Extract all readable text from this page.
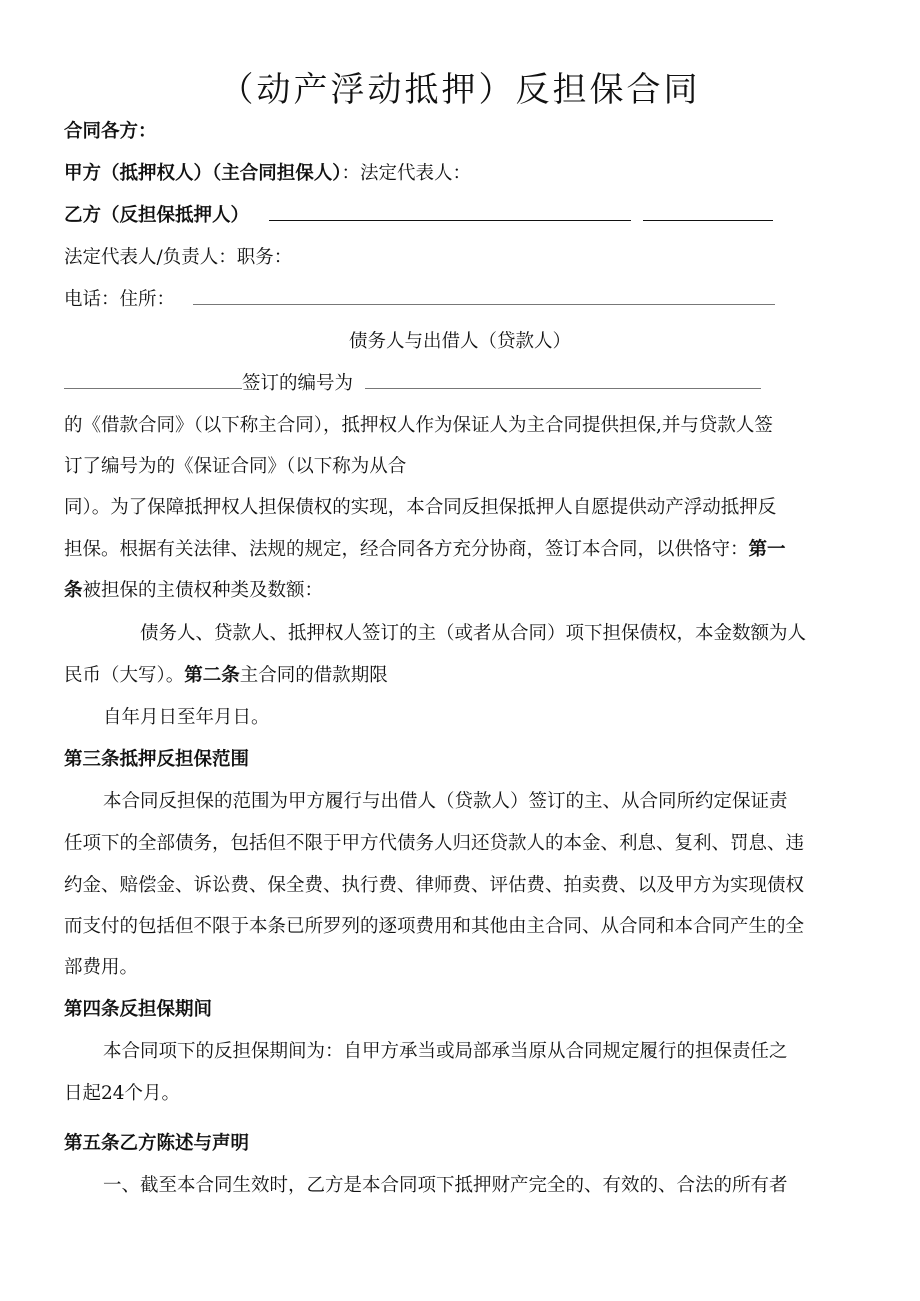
（动产浮动抵押）反担保合同
合同各方：
甲方（抵押权人）（主合同担保人）：法定代表人：
乙方（反担保抵押人）
法定代表人/负责人：职务：
电话：住所：
债务人与出借人（贷款人）
签订的编号为
的《借款合同》（以下称主合同），抵押权人作为保证人为主合同提供担保,并与贷款人签
订了编号为的《保证合同》（以下称为从合
同）。为了保障抵押权人担保债权的实现，本合同反担保抵押人自愿提供动产浮动抵押反
担保。根据有关法律、法规的规定，经合同各方充分协商，签订本合同，以供恪守：第一
条被担保的主债权种类及数额：
债务人、贷款人、抵押权人签订的主（或者从合同）项下担保债权，本金数额为人
民币（大写）。第二条主合同的借款期限
自年月日至年月日。
第三条抵押反担保范围
本合同反担保的范围为甲方履行与出借人（贷款人）签订的主、从合同所约定保证责
任项下的全部债务，包括但不限于甲方代债务人归还贷款人的本金、利息、复利、罚息、违
约金、赔偿金、诉讼费、保全费、执行费、律师费、评估费、拍卖费、以及甲方为实现债权
而支付的包括但不限于本条已所罗列的逐项费用和其他由主合同、从合同和本合同产生的全
部费用。
第四条反担保期间
本合同项下的反担保期间为：自甲方承当或局部承当原从合同规定履行的担保责任之
日起24个月。
第五条乙方陈述与声明
一、截至本合同生效时，乙方是本合同项下抵押财产完全的、有效的、合法的所有者
